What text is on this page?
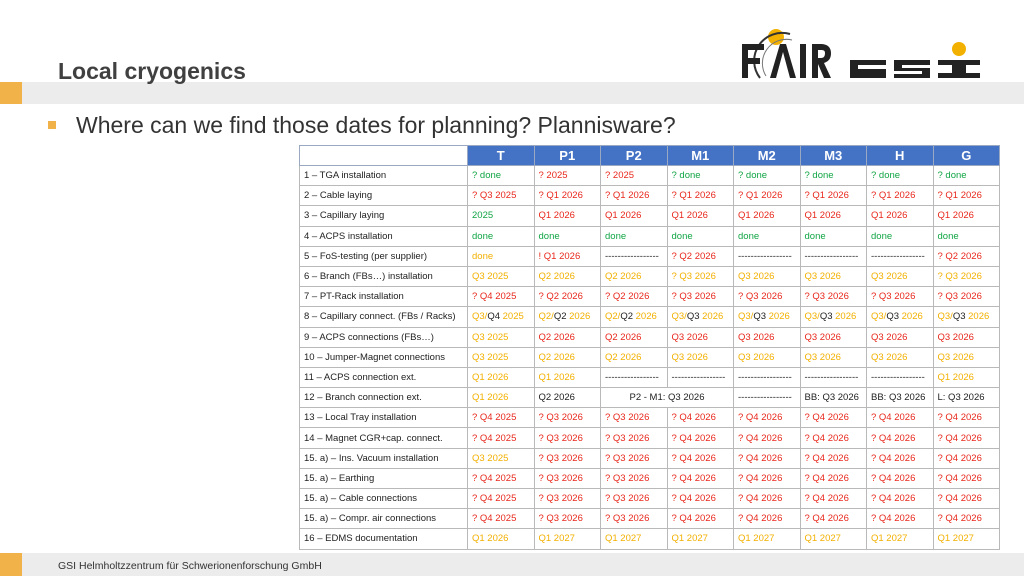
Local cryogenics
Where can we find those dates for planning? Plannisware?
FAIR
GSI
	T	P1	P2	M1	M2	M3	H	G
1 – TGA installation	? done	? 2025	? 2025	? done	? done	? done	? done	? done
2 – Cable laying	? Q3 2025	? Q1 2026	? Q1 2026	? Q1 2026	? Q1 2026	? Q1 2026	? Q1 2026	? Q1 2026
3 – Capillary laying	2025	Q1 2026	Q1 2026	Q1 2026	Q1 2026	Q1 2026	Q1 2026	Q1 2026
4 – ACPS installation	done	done	done	done	done	done	done	done
5 – FoS-testing (per supplier)	done	! Q1 2026	-----------------	? Q2 2026	-----------------	-----------------	-----------------	? Q2 2026
6 – Branch (FBs…) installation	Q3 2025	Q2 2026	Q2 2026	? Q3 2026	Q3 2026	Q3 2026	Q3 2026	? Q3 2026
7 – PT-Rack installation	? Q4 2025	? Q2 2026	? Q2 2026	? Q3 2026	? Q3 2026	? Q3 2026	? Q3 2026	? Q3 2026
8 – Capillary connect. (FBs / Racks)	Q3/Q4 2025	Q2/Q2 2026	Q2/Q2 2026	Q3/Q3 2026	Q3/Q3 2026	Q3/Q3 2026	Q3/Q3 2026	Q3/Q3 2026
9 – ACPS connections (FBs…)	Q3 2025	Q2 2026	Q2 2026	Q3 2026	Q3 2026	Q3 2026	Q3 2026	Q3 2026
10 – Jumper-Magnet connections	Q3 2025	Q2 2026	Q2 2026	Q3 2026	Q3 2026	Q3 2026	Q3 2026	Q3 2026
11 – ACPS connection ext.	Q1 2026	Q1 2026	-----------------	-----------------	-----------------	-----------------	-----------------	Q1 2026
12 – Branch connection ext.	Q1 2026	Q2 2026	P2 - M1: Q3 2026		-----------------	BB: Q3 2026	BB: Q3 2026	L: Q3 2026
13 – Local Tray installation	? Q4 2025	? Q3 2026	? Q3 2026	? Q4 2026	? Q4 2026	? Q4 2026	? Q4 2026	? Q4 2026
14 – Magnet CGR+cap. connect.	? Q4 2025	? Q3 2026	? Q3 2026	? Q4 2026	? Q4 2026	? Q4 2026	? Q4 2026	? Q4 2026
15. a) – Ins. Vacuum installation	Q3 2025	? Q3 2026	? Q3 2026	? Q4 2026	? Q4 2026	? Q4 2026	? Q4 2026	? Q4 2026
15. a) – Earthing	? Q4 2025	? Q3 2026	? Q3 2026	? Q4 2026	? Q4 2026	? Q4 2026	? Q4 2026	? Q4 2026
15. a) – Cable connections	? Q4 2025	? Q3 2026	? Q3 2026	? Q4 2026	? Q4 2026	? Q4 2026	? Q4 2026	? Q4 2026
15. a) – Compr. air connections	? Q4 2025	? Q3 2026	? Q3 2026	? Q4 2026	? Q4 2026	? Q4 2026	? Q4 2026	? Q4 2026
16 – EDMS documentation	Q1 2026	Q1 2027	Q1 2027	Q1 2027	Q1 2027	Q1 2027	Q1 2027	Q1 2027
GSI Helmholtzzentrum für Schwerionenforschung GmbH
